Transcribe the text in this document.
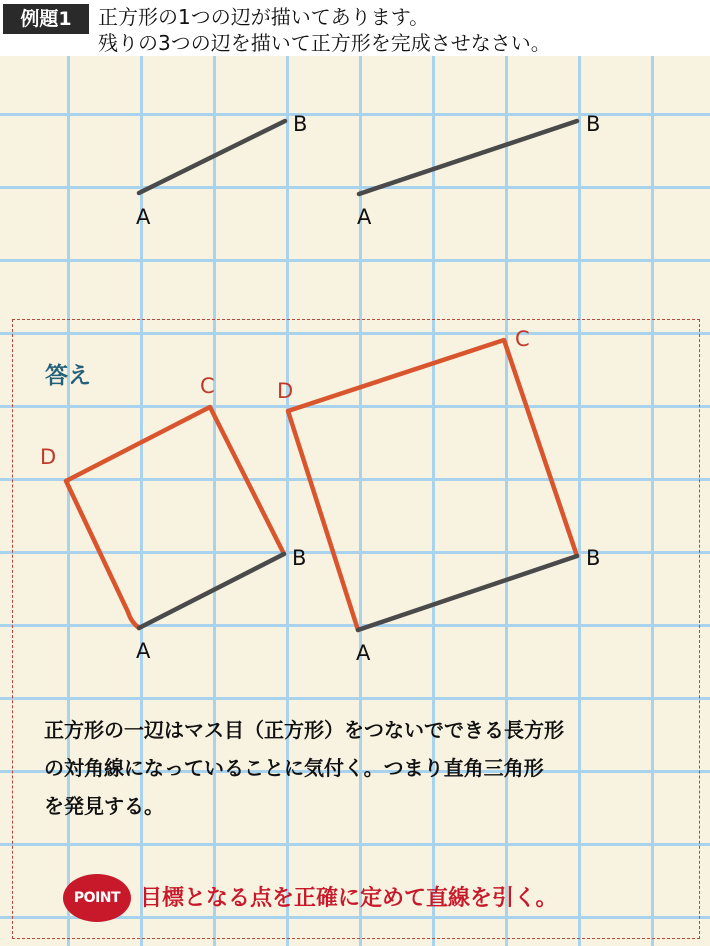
例題1	正方形の1つの辺が描いてあります。
残りの3つの辺を描いて正方形を完成させなさい。
A
B
A
B
A
B
C
D
A
B
C
D
答え
正方形の一辺はマス目（正方形）をつないでできる長方形
の対角線になっていることに気付く。つまり直角三角形
を発見する。
POINT 目標となる点を正確に定めて直線を引く。
